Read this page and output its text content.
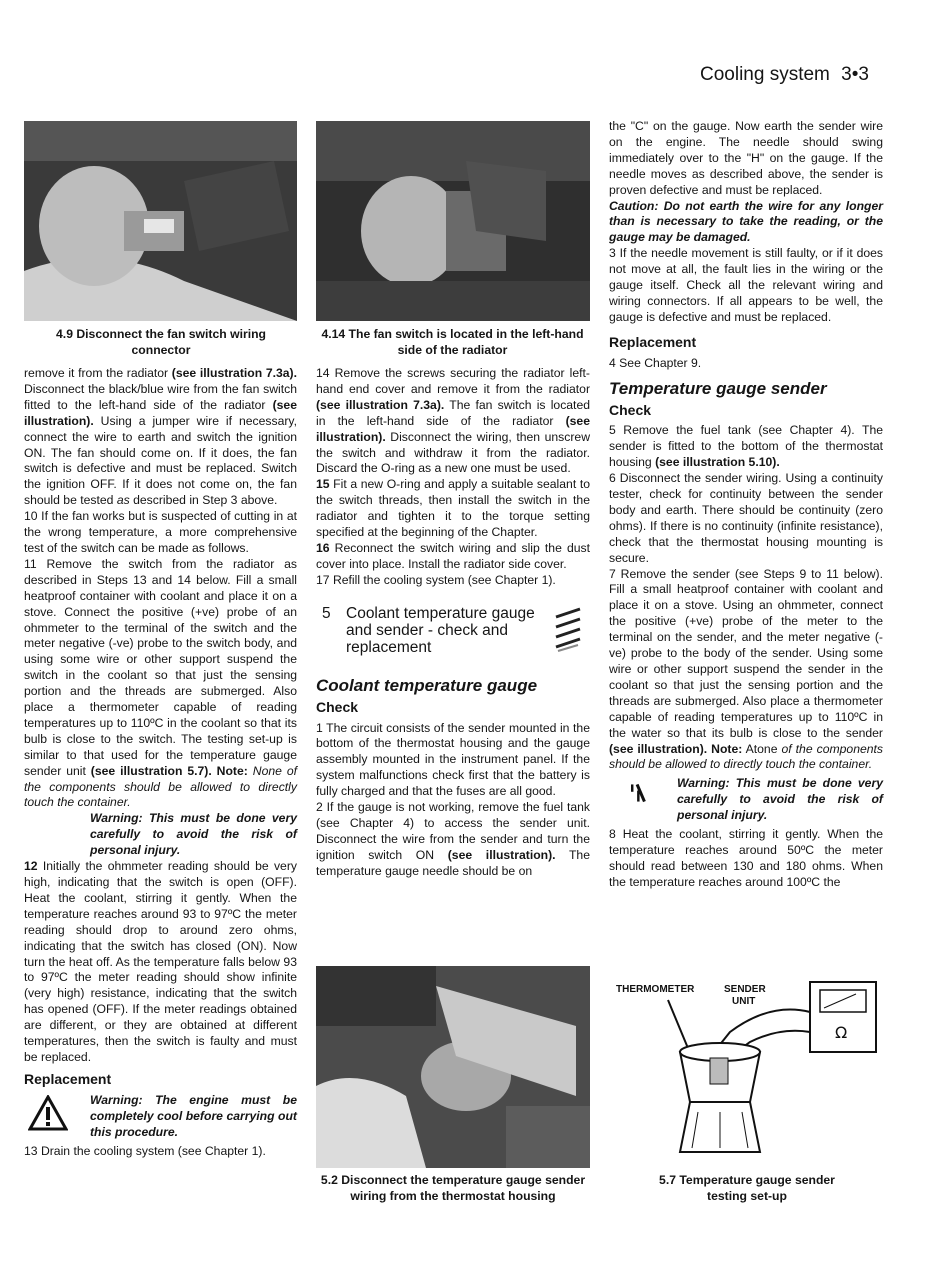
Cooling system 3•3
4.9 Disconnect the fan switch wiring connector
4.14 The fan switch is located in the left-hand side of the radiator

remove it from the radiator (see illustration 7.3a). Disconnect the black/blue wire from the fan switch fitted to the left-hand side of the radiator (see illustration). Using a jumper wire if necessary, connect the wire to earth and switch the ignition ON. The fan should come on. If it does, the fan switch is defective and must be replaced. Switch the ignition OFF. If it does not come on, the fan should be tested as described in Step 3 above.

10 If the fan works but is suspected of cutting in at the wrong temperature, a more comprehensive test of the switch can be made as follows.

11 Remove the switch from the radiator as described in Steps 13 and 14 below. Fill a small heatproof container with coolant and place it on a stove. Connect the positive (+ve) probe of an ohmmeter to the terminal of the switch and the meter negative (-ve) probe to the switch body, and using some wire or other support suspend the switch in the coolant so that just the sensing portion and the threads are submerged. Also place a thermometer capable of reading temperatures up to 110ºC in the coolant so that its bulb is close to the switch. The testing set-up is similar to that used for the temperature gauge sender unit (see illustration 5.7). Note: None of the components should be allowed to directly touch the container.

Warning: This must be done very carefully to avoid the risk of personal injury.

12 Initially the ohmmeter reading should be very high, indicating that the switch is open (OFF). Heat the coolant, stirring it gently. When the temperature reaches around 93 to 97ºC the meter reading should drop to around zero ohms, indicating that the switch has closed (ON). Now turn the heat off. As the temperature falls below 93 to 97ºC the meter reading should show infinite (very high) resistance, indicating that the switch has opened (OFF). If the meter readings obtained are different, or they are obtained at different temperatures, then the switch is faulty and must be replaced.

Replacement

Warning: The engine must be completely cool before carrying out this procedure.

13 Drain the cooling system (see Chapter 1).

14 Remove the screws securing the radiator left-hand end cover and remove it from the radiator (see illustration 7.3a). The fan switch is located in the left-hand side of the radiator (see illustration). Disconnect the wiring, then unscrew the switch and withdraw it from the radiator. Discard the O-ring as a new one must be used.

15 Fit a new O-ring and apply a suitable sealant to the switch threads, then install the switch in the radiator and tighten it to the torque setting specified at the beginning of the Chapter.

16 Reconnect the switch wiring and slip the dust cover into place. Install the radiator side cover.

17 Refill the cooling system (see Chapter 1).

5 Coolant temperature gauge and sender - check and replacement
Coolant temperature gauge
Check

1 The circuit consists of the sender mounted in the bottom of the thermostat housing and the gauge assembly mounted in the instrument panel. If the system malfunctions check first that the battery is fully charged and that the fuses are all good.

2 If the gauge is not working, remove the fuel tank (see Chapter 4) to access the sender unit. Disconnect the wire from the sender and turn the ignition switch ON (see illustration). The temperature gauge needle should be on

5.2 Disconnect the temperature gauge sender wiring from the thermostat housing

the "C" on the gauge. Now earth the sender wire on the engine. The needle should swing immediately over to the "H" on the gauge. If the needle moves as described above, the sender is proven defective and must be replaced.

Caution: Do not earth the wire for any longer than is necessary to take the reading, or the gauge may be damaged.

3 If the needle movement is still faulty, or if it does not move at all, the fault lies in the wiring or the gauge itself. Check all the relevant wiring and wiring connectors. If all appears to be well, the gauge is defective and must be replaced.

Replacement

4 See Chapter 9.

Temperature gauge sender
Check

5 Remove the fuel tank (see Chapter 4). The sender is fitted to the bottom of the thermostat housing (see illustration 5.10).

6 Disconnect the sender wiring. Using a continuity tester, check for continuity between the sender body and earth. There should be continuity (zero ohms). If there is no continuity (infinite resistance), check that the thermostat housing mounting is secure.

7 Remove the sender (see Steps 9 to 11 below). Fill a small heatproof container with coolant and place it on a stove. Using an ohmmeter, connect the positive (+ve) probe of the meter to the terminal on the sender, and the meter negative (-ve) probe to the body of the sender. Using some wire or other support suspend the sender in the coolant so that just the sensing portion and the threads are submerged. Also place a thermometer capable of reading temperatures up to 110ºC in the water so that its bulb is close to the sender (see illustration). Note: Atone of the components should be allowed to directly touch the container.

Warning: This must be done very carefully to avoid the risk of personal injury.

8 Heat the coolant, stirring it gently. When the temperature reaches around 50ºC the meter should read between 130 and 180 ohms. When the temperature reaches around 100ºC the

THERMOMETER	SENDER
UNIT
Ω
5.7 Temperature gauge sender testing set-up
